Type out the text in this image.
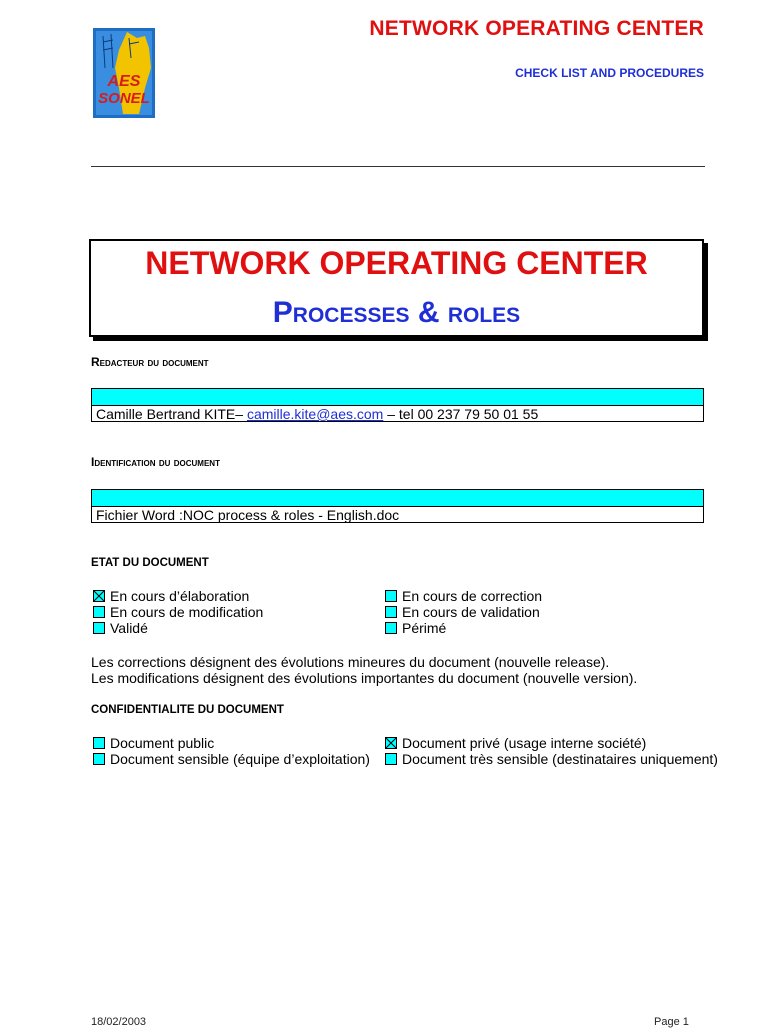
AES
SONEL
NETWORK OPERATING CENTER
CHECK LIST AND PROCEDURES
NETWORK OPERATING CENTER
Processes & roles
Redacteur du document
Camille Bertrand KITE– camille.kite@aes.com – tel 00 237 79 50 01 55
Identification du document
Fichier Word :NOC process & roles - English.doc
ETAT DU DOCUMENT
En cours d’élaboration
En cours de modification
Validé
En cours de correction
En cours de validation
Périmé
Les corrections désignent des évolutions mineures du document (nouvelle release).
Les modifications désignent des évolutions importantes du document (nouvelle version).
CONFIDENTIALITE DU DOCUMENT
Document public
Document sensible (équipe d’exploitation)
Document privé (usage interne société)
Document très sensible (destinataires uniquement)
18/02/2003	Page 1
